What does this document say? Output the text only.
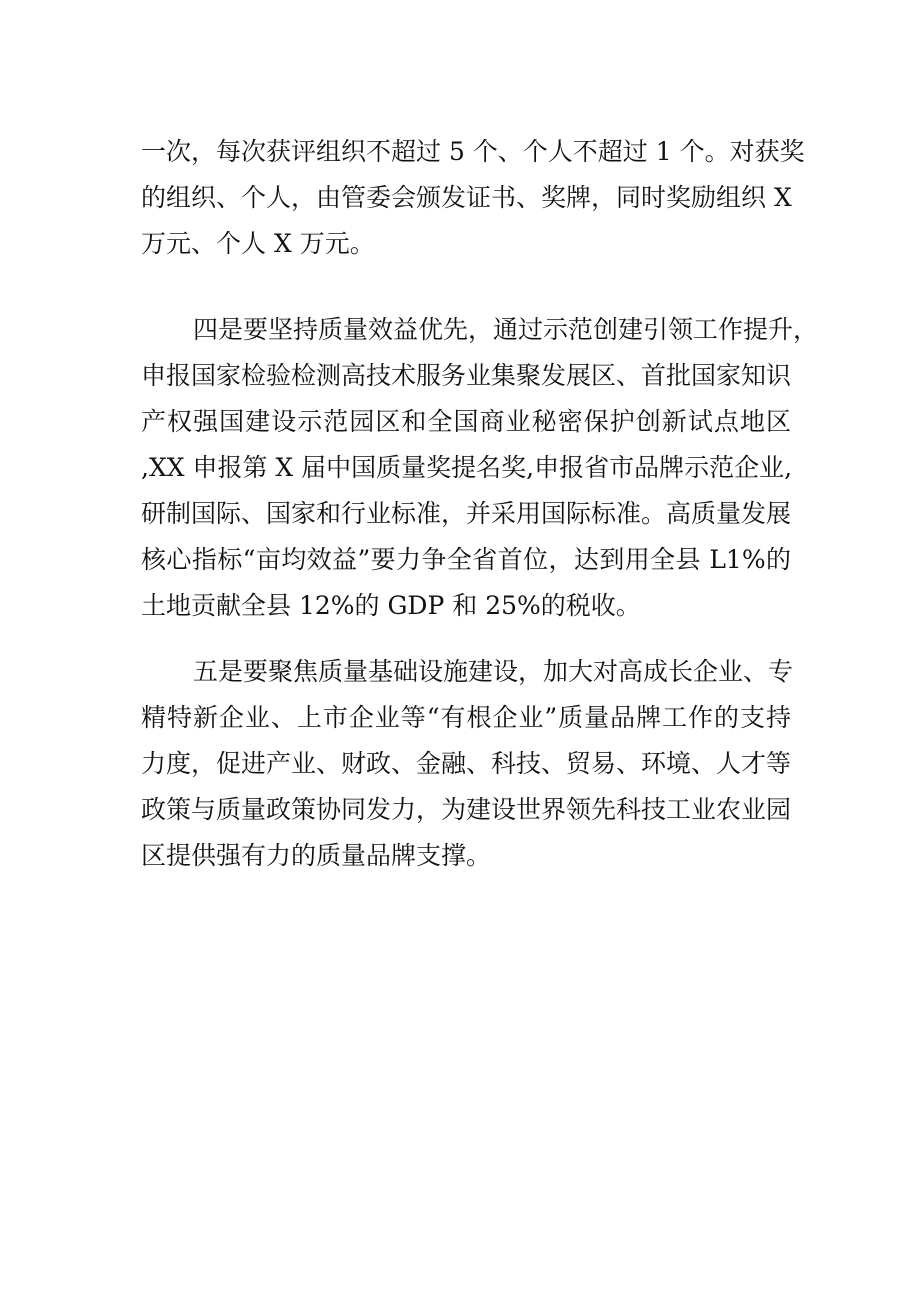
一次，每次获评组织不超过 5 个、个人不超过 1 个。对获奖
的组织、个人，由管委会颁发证书、奖牌，同时奖励组织 X
万元、个人 X 万元。
四是要坚持质量效益优先，通过示范创建引领工作提升，
申报国家检验检测高技术服务业集聚发展区、首批国家知识
产权强国建设示范园区和全国商业秘密保护创新试点地区
,XX 申报第 X 届中国质量奖提名奖,申报省市品牌示范企业,
研制国际、国家和行业标准，并采用国际标准。高质量发展
核心指标“亩均效益”要力争全省首位，达到用全县 L1%的
土地贡献全县 12%的 GDP 和 25%的税收。
五是要聚焦质量基础设施建设，加大对高成长企业、专
精特新企业、上市企业等“有根企业”质量品牌工作的支持
力度，促进产业、财政、金融、科技、贸易、环境、人才等
政策与质量政策协同发力，为建设世界领先科技工业农业园
区提供强有力的质量品牌支撑。
